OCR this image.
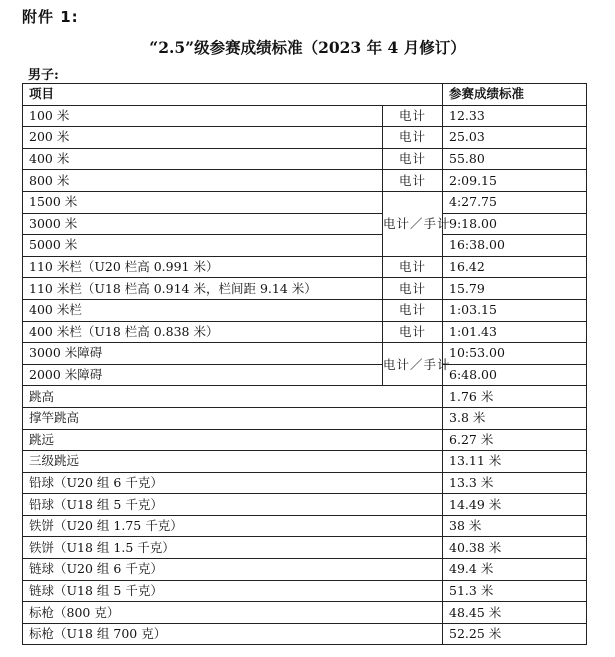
附件 1:
“2.5”级参赛成绩标准（2023 年 4 月修订）
男子:
项目		参赛成绩标准
100 米	电计	12.33
200 米	电计	25.03
400 米	电计	55.80
800 米	电计	2:09.15
1500 米	电计／手计	4:27.75
3000 米		9:18.00
5000 米		16:38.00
110 米栏（U20 栏高 0.991 米）	电计	16.42
110 米栏（U18 栏高 0.914 米，栏间距 9.14 米）	电计	15.79
400 米栏	电计	1:03.15
400 米栏（U18 栏高 0.838 米）	电计	1:01.43
3000 米障碍	电计／手计	10:53.00
2000 米障碍		6:48.00
跳高		1.76 米
撑竿跳高		3.8 米
跳远		6.27 米
三级跳远		13.11 米
铅球（U20 组 6 千克）		13.3 米
铅球（U18 组 5 千克）		14.49 米
铁饼（U20 组 1.75 千克）		38 米
铁饼（U18 组 1.5 千克）		40.38 米
链球（U20 组 6 千克）		49.4 米
链球（U18 组 5 千克）		51.3 米
标枪（800 克）		48.45 米
标枪（U18 组 700 克）		52.25 米
